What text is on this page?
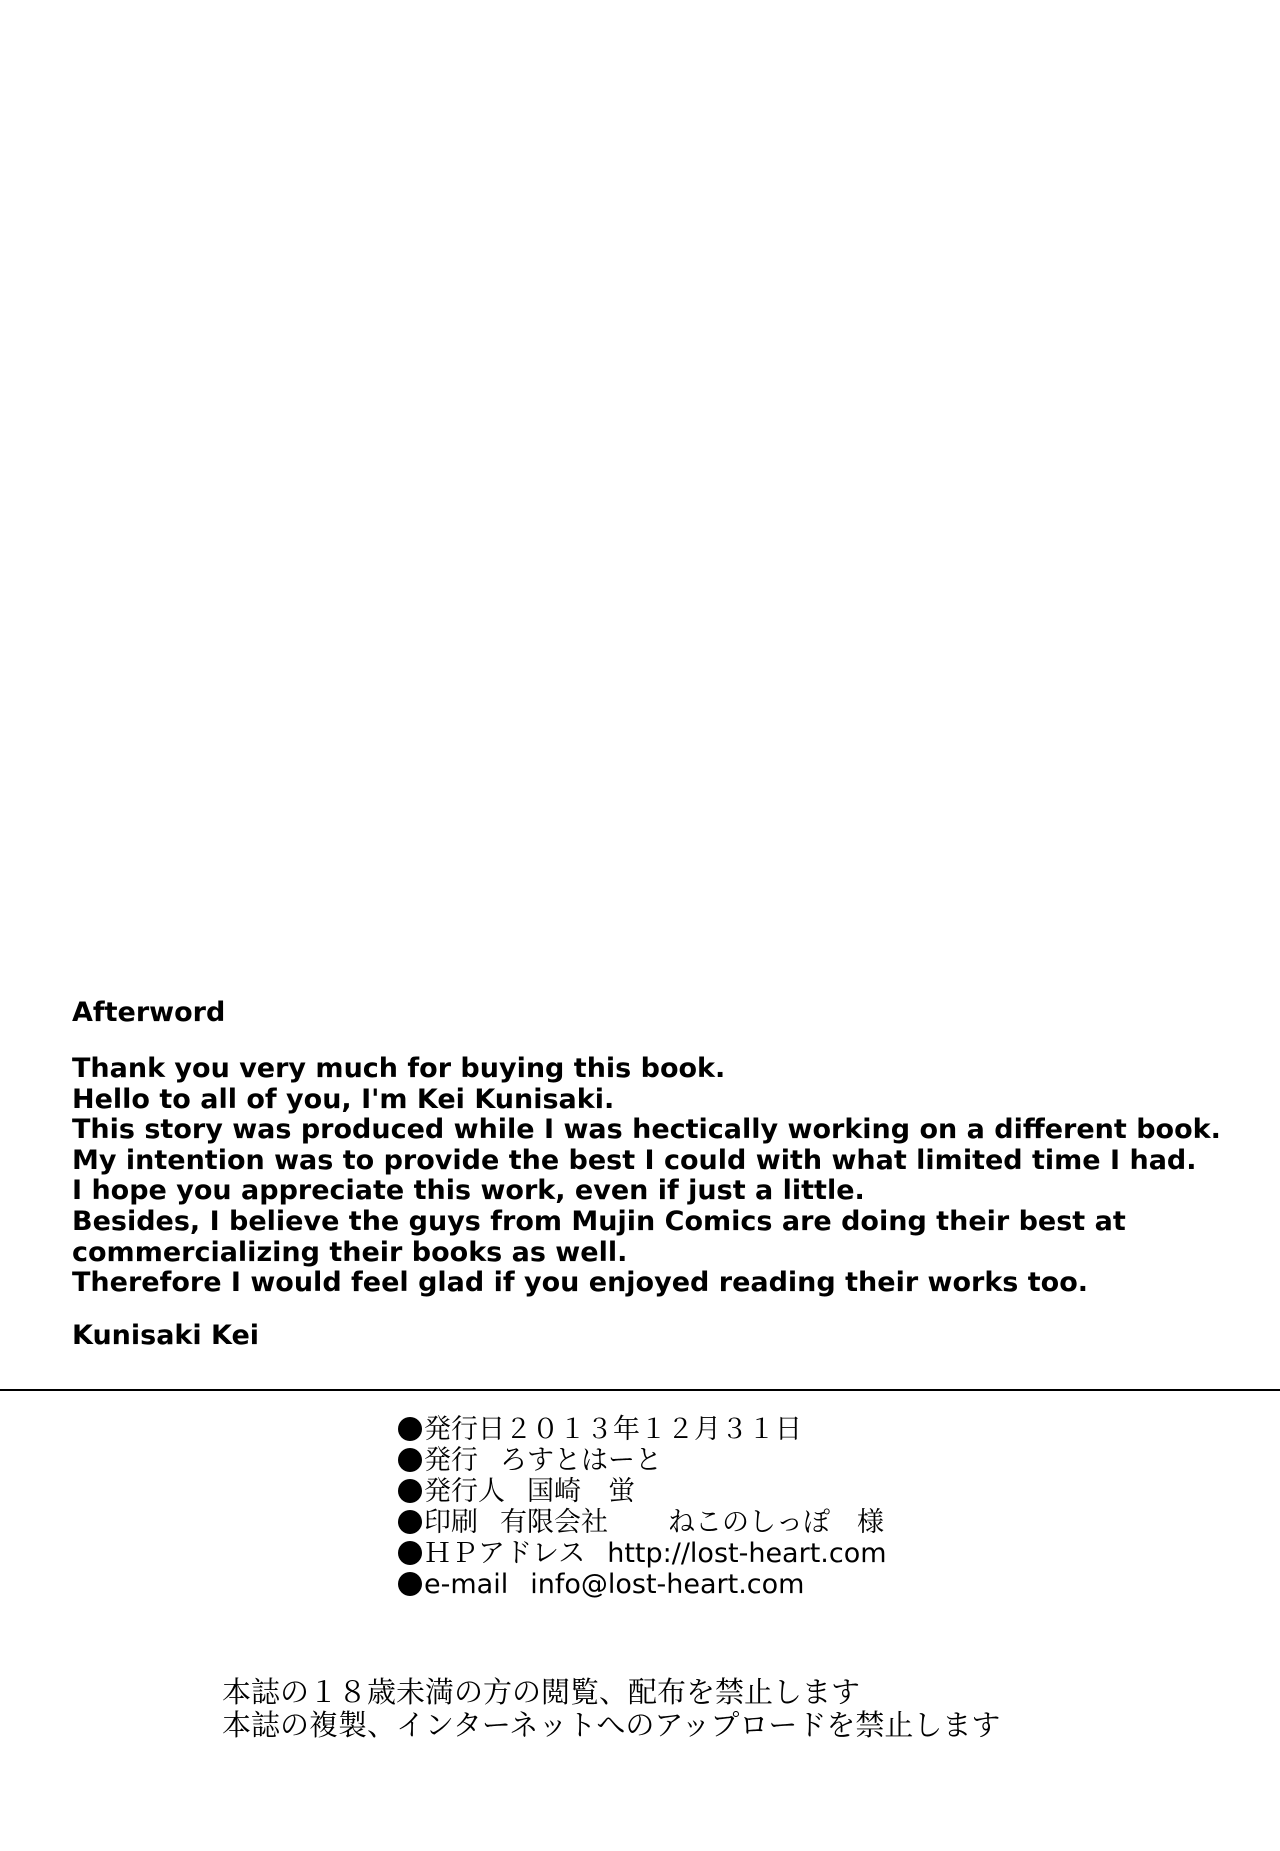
Afterword

Thank you very much for buying this book.

Hello to all of you, I'm Kei Kunisaki.

This story was produced while I was hectically working on a different book.

My intention was to provide the best I could with what limited time I had.

I hope you appreciate this work, even if just a little.

Besides, I believe the guys from Mujin Comics are doing their best at

commercializing their books as well.

Therefore I would feel glad if you enjoyed reading their works too.

Kunisaki Kei

発行日２０１３年１２月３１日

発行 ろすとはーと

発行人 国崎　蛍

印刷 有限会社 ねこのしっぽ　様

ＨＰアドレス http://lost-heart.com

e-mail info@lost-heart.com

本誌の１８歳未満の方の閲覧、配布を禁止します

本誌の複製、インターネットへのアップロードを禁止します
